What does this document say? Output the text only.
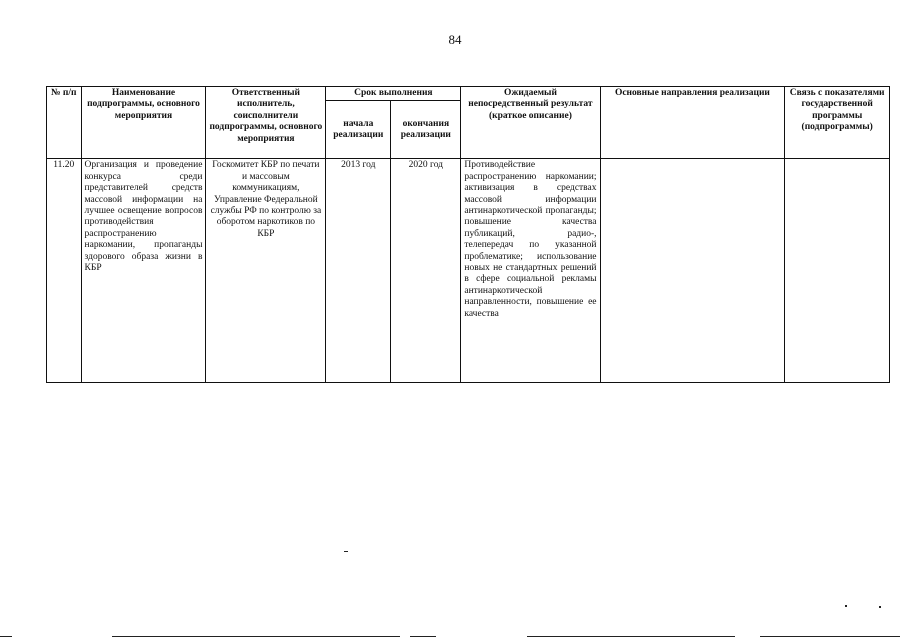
84
№ п/п	Наименование подпрограммы, основного мероприятия	Ответственный исполнитель, соисполнители подпрограммы, основного мероприятия	Срок выполнения		Ожидаемый непосредственный результат (краткое описание)	Основные направления реализации	Связь с показателями государственной программы (подпрограммы)
			начала реализации	окончания реализации			
11.20	Организация и проведение конкурса среди представителей средств массовой информации на лучшее освещение вопросов противодействия распространению наркомании, пропаганды здорового образа жизни в КБР	Госкомитет КБР по печати и массовым коммуникациям, Управление Федеральной службы РФ по контролю за оборотом наркотиков по КБР	2013 год	2020 год	Противодействие распространению наркомании; активизация в средствах массовой информации антинаркотической пропаганды; повышение качества публикаций, радио-, телепередач по указанной проблематике; использование новых не стандартных решений в сфере социальной рекламы антинаркотической направленности, повышение ее качества		
